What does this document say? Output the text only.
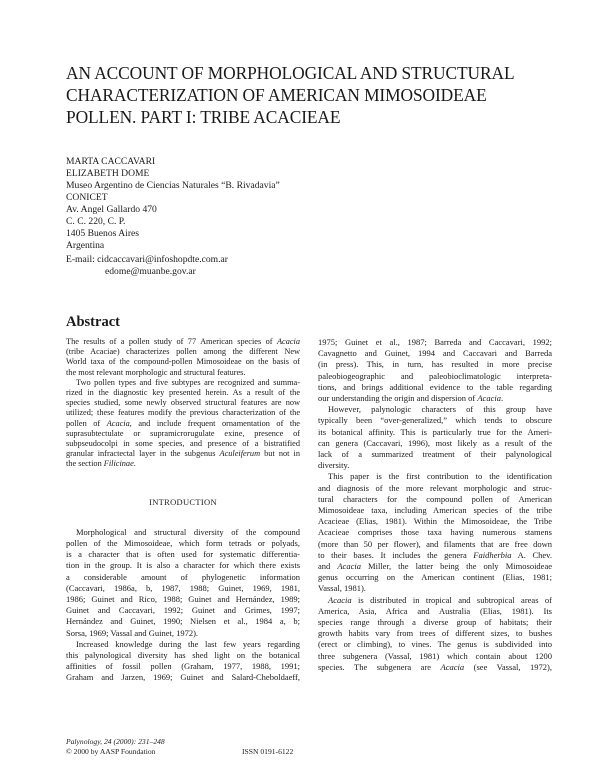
AN ACCOUNT OF MORPHOLOGICAL AND STRUCTURAL
CHARACTERIZATION OF AMERICAN MIMOSOIDEAE
POLLEN. PART I: TRIBE ACACIEAE
MARTA CACCAVARI
ELIZABETH DOME
Museo Argentino de Ciencias Naturales “B. Rivadavia”
CONICET
Av. Angel Gallardo 470
C. C. 220, C. P.
1405 Buenos Aires
Argentina
E-mail: cidcaccavari@infoshopdte.com.ar
edome@muanbe.gov.ar
Abstract
The results of a pollen study of 77 American species of Acacia
(tribe Acaciae) characterizes pollen among the different New
World taxa of the compound-pollen Mimosoideae on the basis of
the most relevant morphologic and structural features.
Two pollen types and five subtypes are recognized and summa-
rized in the diagnostic key presented herein. As a result of the
species studied, some newly observed structural features are now
utilized; these features modify the previous characterization of the
pollen of Acacia, and include frequent ornamentation of the
suprasubtectulate or supramicrorugulate exine, presence of
subpseudocolpi in some species, and presence of a bistratified
granular infractectal layer in the subgenus Aculeiferum but not in
the section Filicinae.
INTRODUCTION
Morphological and structural diversity of the compound
pollen of the Mimosoideae, which form tetrads or polyads,
is a character that is often used for systematic differentia-
tion in the group. It is also a character for which there exists
a considerable amount of phylogenetic information
(Caccavari, 1986a, b, 1987, 1988; Guinet, 1969, 1981,
1986; Guinet and Rico, 1988; Guinet and Hernández, 1989;
Guinet and Caccavari, 1992; Guinet and Grimes, 1997;
Hernández and Guinet, 1990; Nielsen et al., 1984 a, b;
Sorsa, 1969; Vassal and Guinet, 1972).
Increased knowledge during the last few years regarding
this palynological diversity has shed light on the botanical
affinities of fossil pollen (Graham, 1977, 1988, 1991;
Graham and Jarzen, 1969; Guinet and Salard-Cheboldaeff,
1975; Guinet et al., 1987; Barreda and Caccavari, 1992;
Cavagnetto and Guinet, 1994 and Caccavari and Barreda
(in press). This, in turn, has resulted in more precise
paleobiogeographic and paleobioclimatologic interpreta-
tions, and brings additional evidence to the table regarding
our understanding the origin and dispersion of Acacia.
However, palynologic characters of this group have
typically been “over-generalized,” which tends to obscure
its botanical affinity. This is particularly true for the Ameri-
can genera (Caccavari, 1996), most likely as a result of the
lack of a summarized treatment of their palynological
diversity.
This paper is the first contribution to the identification
and diagnosis of the more relevant morphologic and struc-
tural characters for the compound pollen of American
Mimosoideae taxa, including American species of the tribe
Acacieae (Elias, 1981). Within the Mimosoideae, the Tribe
Acacieae comprises those taxa having numerous stamens
(more than 50 per flower), and filaments that are free down
to their bases. It includes the genera Faidherbia A. Chev.
and Acacia Miller, the latter being the only Mimosoideae
genus occurring on the American continent (Elias, 1981;
Vassal, 1981).
Acacia is distributed in tropical and subtropical areas of
America, Asia, Africa and Australia (Elias, 1981). Its
species range through a diverse group of habitats; their
growth habits vary from trees of different sizes, to bushes
(erect or climbing), to vines. The genus is subdivided into
three subgenera (Vassal, 1981) which contain about 1200
species. The subgenera are Acacia (see Vassal, 1972),
Palynology, 24 (2000): 231–248
© 2000 by AASP Foundation	ISSN 0191-6122
